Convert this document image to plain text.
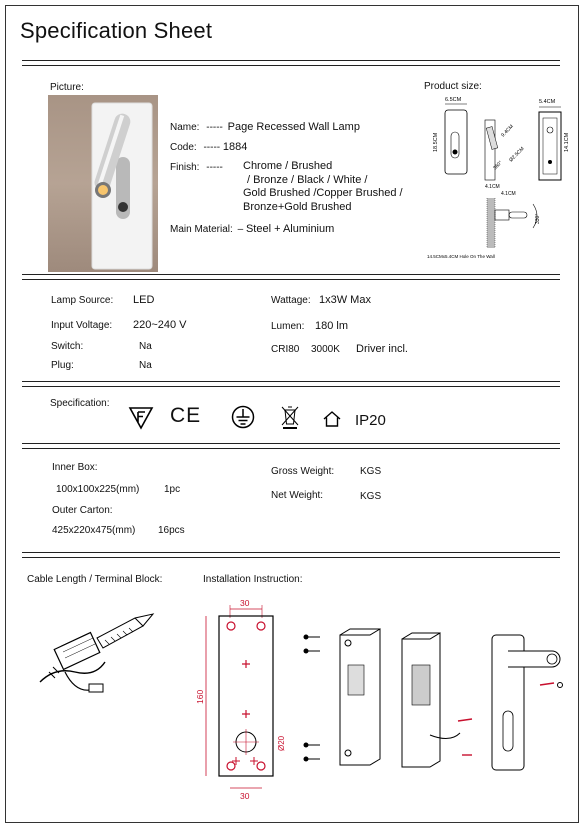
Specification Sheet
Picture:
Name: ----- Page Recessed Wall Lamp
Code: ----- 1884
Finish: ----- Chrome / Brushed
/ Bronze / Black / White /
Gold Brushed /Copper Brushed /
Bronze+Gold Brushed
Main Material: – Steel + Aluminium
Product size:
6.5CM
18.5CM
4.1CM
9.4CM
Ø2.5CM
360°
5.4CM
14.1CM
4.1CM
330°
14.5CMx5.4CM Hole On The Wall
Lamp Source: LED
Input Voltage: 220~240 V
Switch:	Na
Plug:	Na
Wattage: 1x3W Max
Lumen: 180 lm
CRI80 3000K Driver incl.
Specification:
CE	IP20
Inner Box:
100x100x225(mm) 1pc
Outer Carton:
425x220x475(mm) 16pcs
Gross Weight:	KGS
Net Weight:	KGS
Cable Length / Terminal Block:	Installation Instruction:
30
160
Ø20
30
